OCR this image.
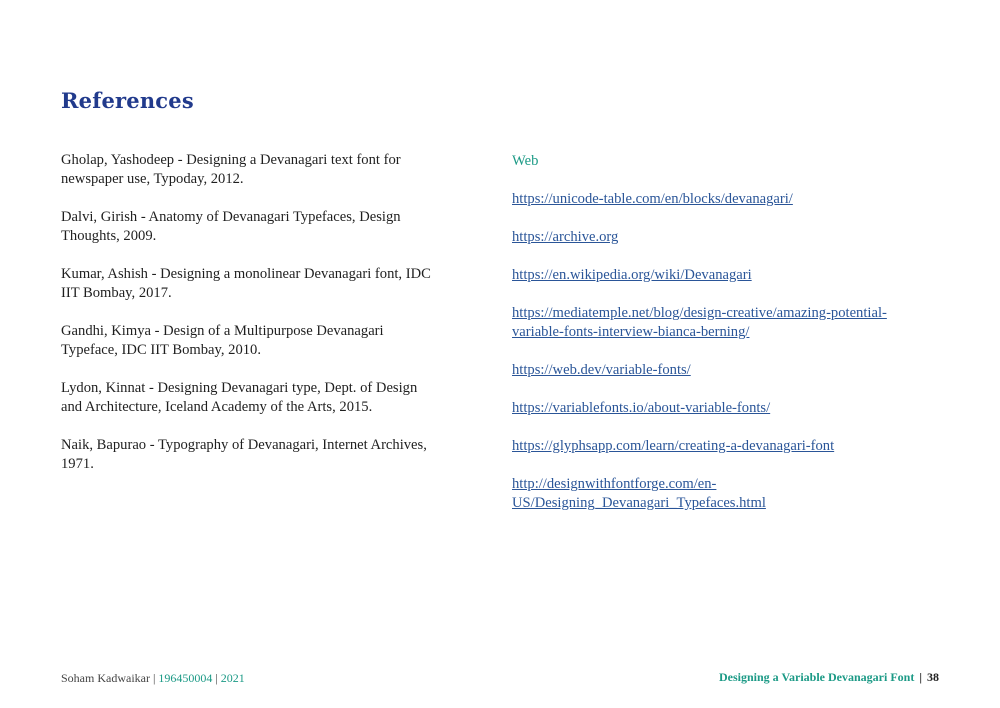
References

Gholap, Yashodeep - Designing a Devanagari text font for newspaper use, Typoday, 2012.

Dalvi, Girish - Anatomy of Devanagari Typefaces, Design Thoughts, 2009.

Kumar, Ashish - Designing a monolinear Devanagari font, IDC IIT Bombay, 2017.

Gandhi, Kimya - Design of a Multipurpose Devanagari Typeface, IDC IIT Bombay, 2010.

Lydon, Kinnat - Designing Devanagari type, Dept. of Design and Architecture, Iceland Academy of the Arts, 2015.

Naik, Bapurao - Typography of Devanagari, Internet Archives, 1971.

Web
https://unicode-table.com/en/blocks/devanagari/
https://archive.org
https://en.wikipedia.org/wiki/Devanagari
https://mediatemple.net/blog/design-creative/amazing-potential-variable-fonts-interview-bianca-berning/
https://web.dev/variable-fonts/
https://variablefonts.io/about-variable-fonts/
https://glyphsapp.com/learn/creating-a-devanagari-font
http://designwithfontforge.com/en-US/Designing_Devanagari_Typefaces.html
Soham Kadwaikar | 196450004 | 2021	Designing a Variable Devanagari Font | 38
